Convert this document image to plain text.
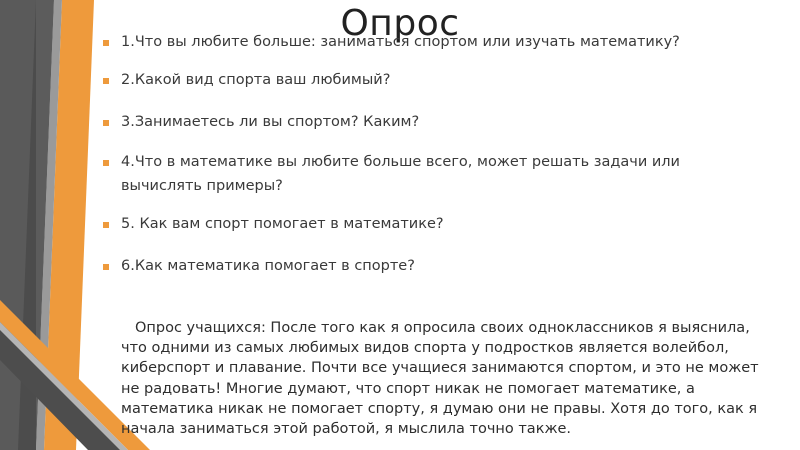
Опрос
1.Что вы любите больше: заниматься спортом или изучать математику?
2.Какой вид спорта ваш любимый?
3.Занимаетесь ли вы спортом? Каким?
4.Что в математике вы любите больше всего, может решать задачи или вычислять примеры?
5. Как вам спорт помогает в математике?
6.Как математика помогает в спорте?
Опрос учащихся: После того как я опросила своих одноклассников я выяснила, что одними из самых любимых видов спорта у подростков является волейбол, киберспорт и плавание. Почти все учащиеся занимаются спортом, и это не может не радовать! Многие думают, что спорт никак не помогает математике, а математика никак не помогает спорту, я думаю они не правы. Хотя до того, как я начала заниматься этой работой, я мыслила точно также.
